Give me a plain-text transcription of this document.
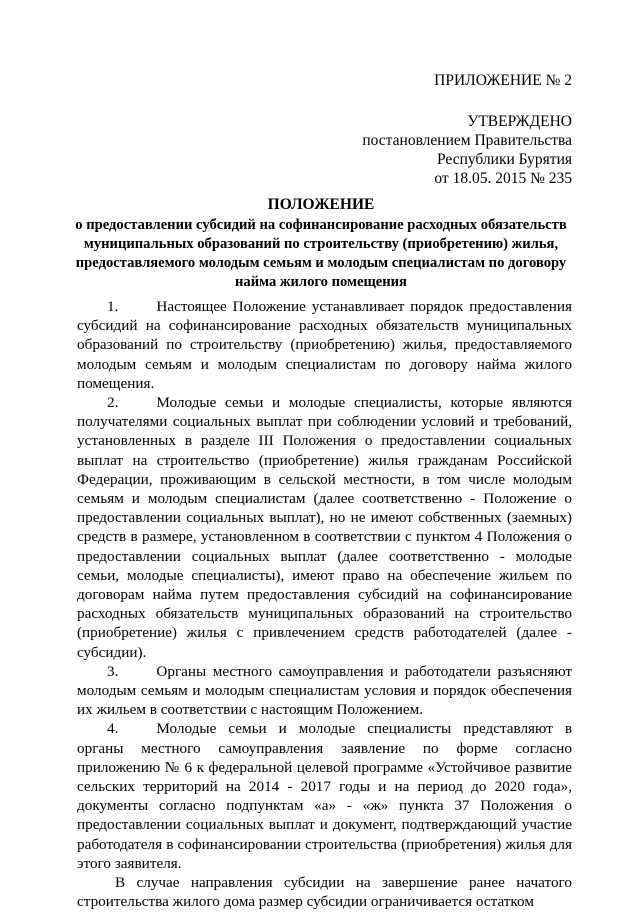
ПРИЛОЖЕНИЕ № 2
УТВЕРЖДЕНО
постановлением Правительства
Республики Бурятия
от 18.05. 2015 № 235
ПОЛОЖЕНИЕ
о предоставлении субсидий на софинансирование расходных обязательств муниципальных образований по строительству (приобретению) жилья, предоставляемого молодым семьям и молодым специалистам по договору найма жилого помещения

1.	Настоящее Положение устанавливает порядок предоставления субсидий на софинансирование расходных обязательств муниципальных образований по строительству (приобретению) жилья, предоставляемого молодым семьям и молодым специалистам по договору найма жилого помещения.

2.	Молодые семьи и молодые специалисты, которые являются получателями социальных выплат при соблюдении условий и требований, установленных в разделе III Положения о предоставлении социальных выплат на строительство (приобретение) жилья гражданам Российской Федерации, проживающим в сельской местности, в том числе молодым семьям и молодым специалистам (далее соответственно - Положение о предоставлении социальных выплат), но не имеют собственных (заемных) средств в размере, установленном в соответствии с пунктом 4 Положения о предоставлении социальных выплат (далее соответственно - молодые семьи, молодые специалисты), имеют право на обеспечение жильем по договорам найма путем предоставления субсидий на софинансирование расходных обязательств муниципальных образований на строительство (приобретение) жилья с привлечением средств работодателей (далее - субсидии).

3.	Органы местного самоуправления и работодатели разъясняют молодым семьям и молодым специалистам условия и порядок обеспечения их жильем в соответствии с настоящим Положением.

4.	Молодые семьи и молодые специалисты представляют в органы местного самоуправления заявление по форме согласно приложению № 6 к федеральной целевой программе «Устойчивое развитие сельских территорий на 2014 - 2017 годы и на период до 2020 года», документы согласно подпунктам «а» - «ж» пункта 37 Положения о предоставлении социальных выплат и документ, подтверждающий участие работодателя в софинансировании строительства (приобретения) жилья для этого заявителя.

В случае направления субсидии на завершение ранее начатого строительства жилого дома размер субсидии ограничивается остатком
